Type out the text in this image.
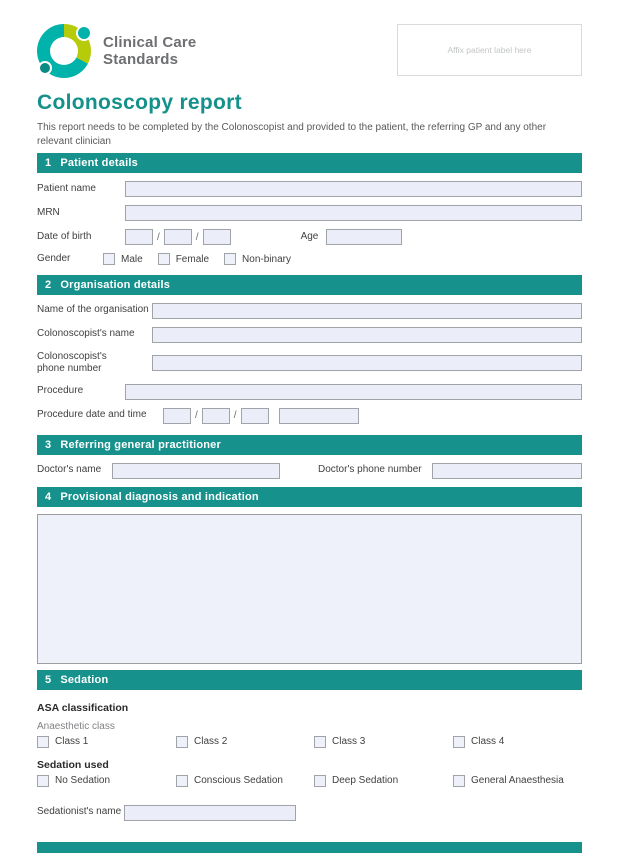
Clinical Care
Standards
Affix patient label here
Colonoscopy report
This report needs to be completed by the Colonoscopist and provided to the patient, the referring GP and any other relevant clinician
1 Patient details
Patient name
MRN
Date of birth	/	/	Age
Gender	Male	Female	Non-binary
2 Organisation details
Name of the organisation
Colonoscopist's name
Colonoscopist's phone number
Procedure
Procedure date and time	/	/
3 Referring general practitioner
Doctor's name	Doctor's phone number
4 Provisional diagnosis and indication
5 Sedation
ASA classification
Anaesthetic class
Class 1	Class 2	Class 3	Class 4
Sedation used
No Sedation	Conscious Sedation	Deep Sedation	General Anaesthesia
Sedationist's name
